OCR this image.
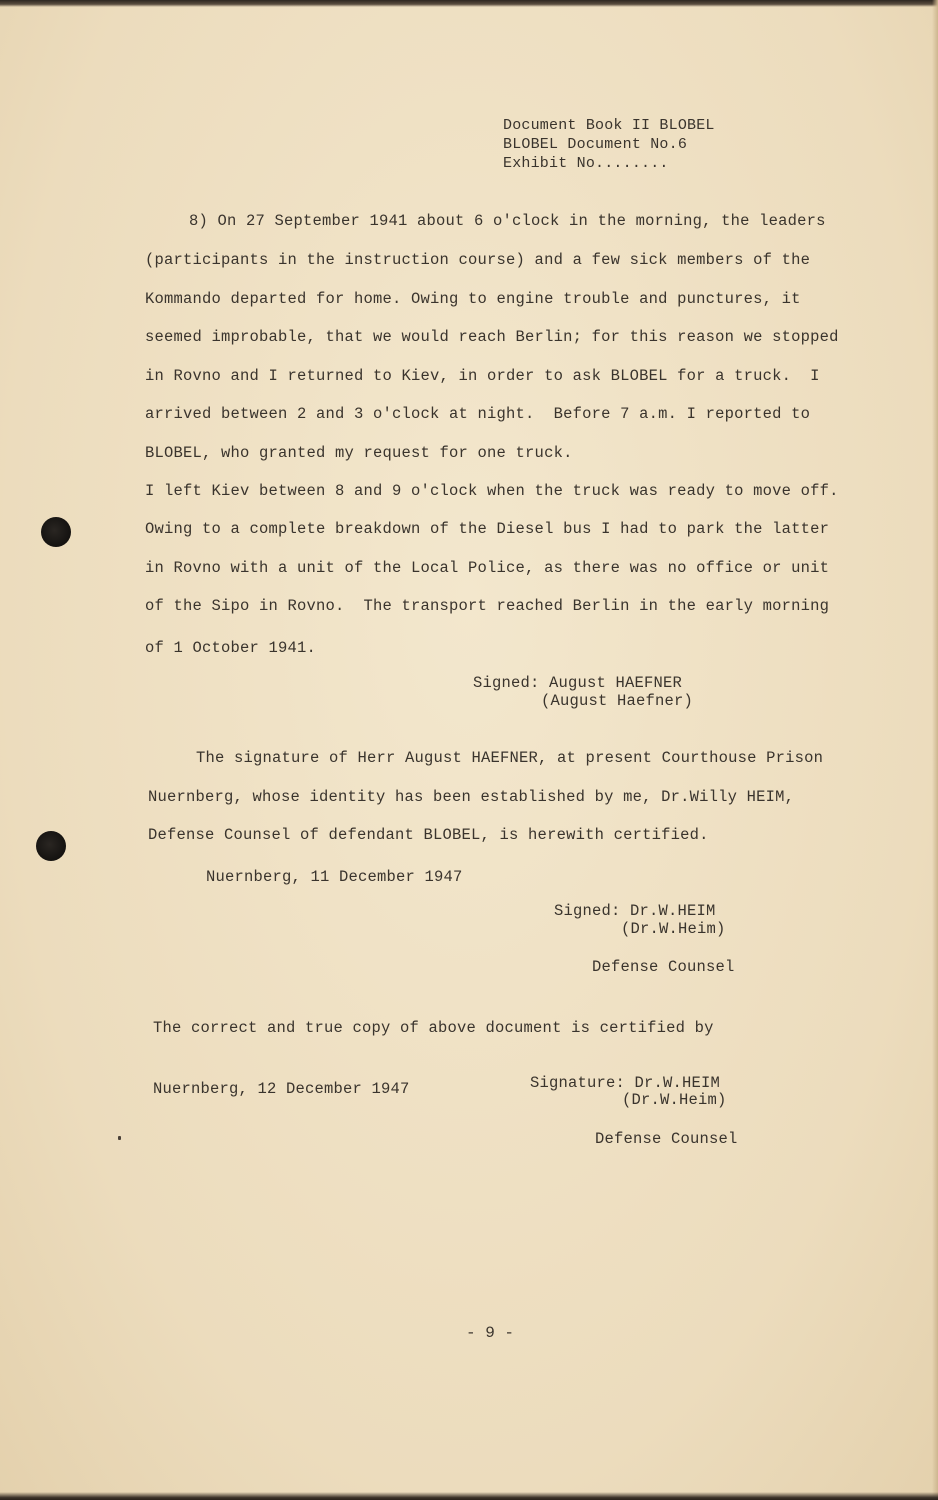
Document Book II BLOBEL
BLOBEL Document No.6
Exhibit No........
8) On 27 September 1941 about 6 o'clock in the morning, the leaders
(participants in the instruction course) and a few sick members of the
Kommando departed for home. Owing to engine trouble and punctures, it
seemed improbable, that we would reach Berlin; for this reason we stopped
in Rovno and I returned to Kiev, in order to ask BLOBEL for a truck.  I
arrived between 2 and 3 o'clock at night.  Before 7 a.m. I reported to
BLOBEL, who granted my request for one truck.
I left Kiev between 8 and 9 o'clock when the truck was ready to move off.
Owing to a complete breakdown of the Diesel bus I had to park the latter
in Rovno with a unit of the Local Police, as there was no office or unit
of the Sipo in Rovno.  The transport reached Berlin in the early morning
of 1 October 1941.
Signed: August HAEFNER
(August Haefner)
The signature of Herr August HAEFNER, at present Courthouse Prison
Nuernberg, whose identity has been established by me, Dr.Willy HEIM,
Defense Counsel of defendant BLOBEL, is herewith certified.
Nuernberg, 11 December 1947
Signed: Dr.W.HEIM
(Dr.W.Heim)
Defense Counsel
The correct and true copy of above document is certified by
Nuernberg, 12 December 1947	Signature: Dr.W.HEIM
(Dr.W.Heim)
Defense Counsel
- 9 -
